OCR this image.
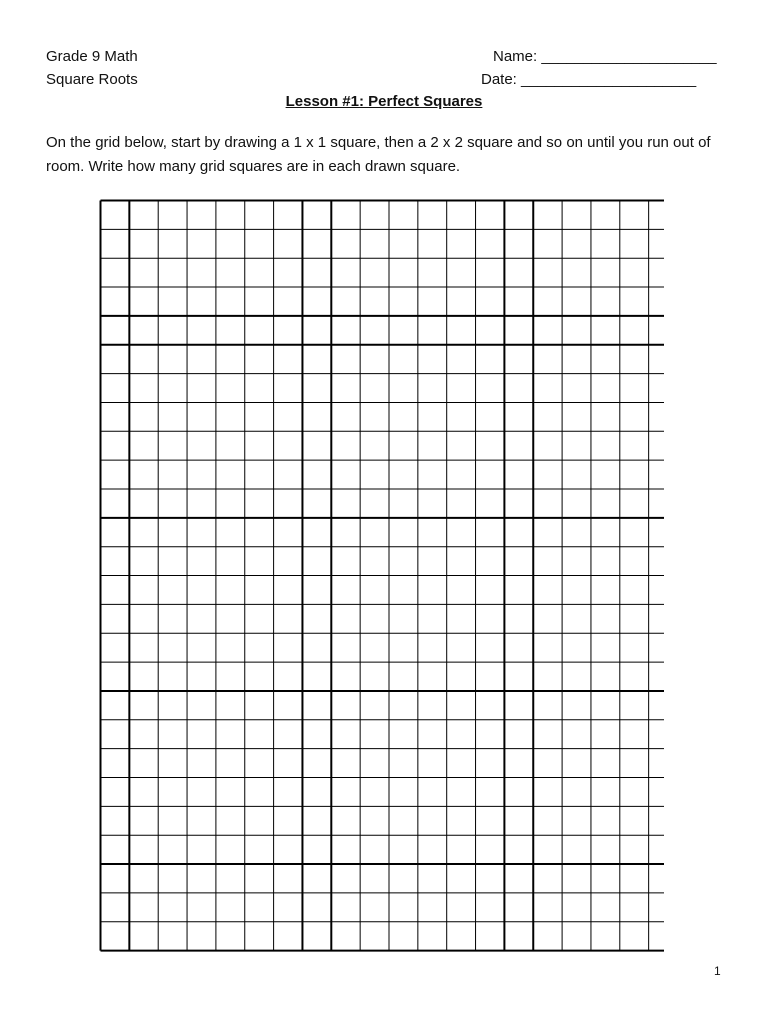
Grade 9 Math
Square Roots
Name: _____________________
Date: _____________________
Lesson #1: Perfect Squares
On the grid below, start by drawing a 1 x 1 square, then a 2 x 2 square and so on until you run out of room. Write how many grid squares are in each drawn square.
1
